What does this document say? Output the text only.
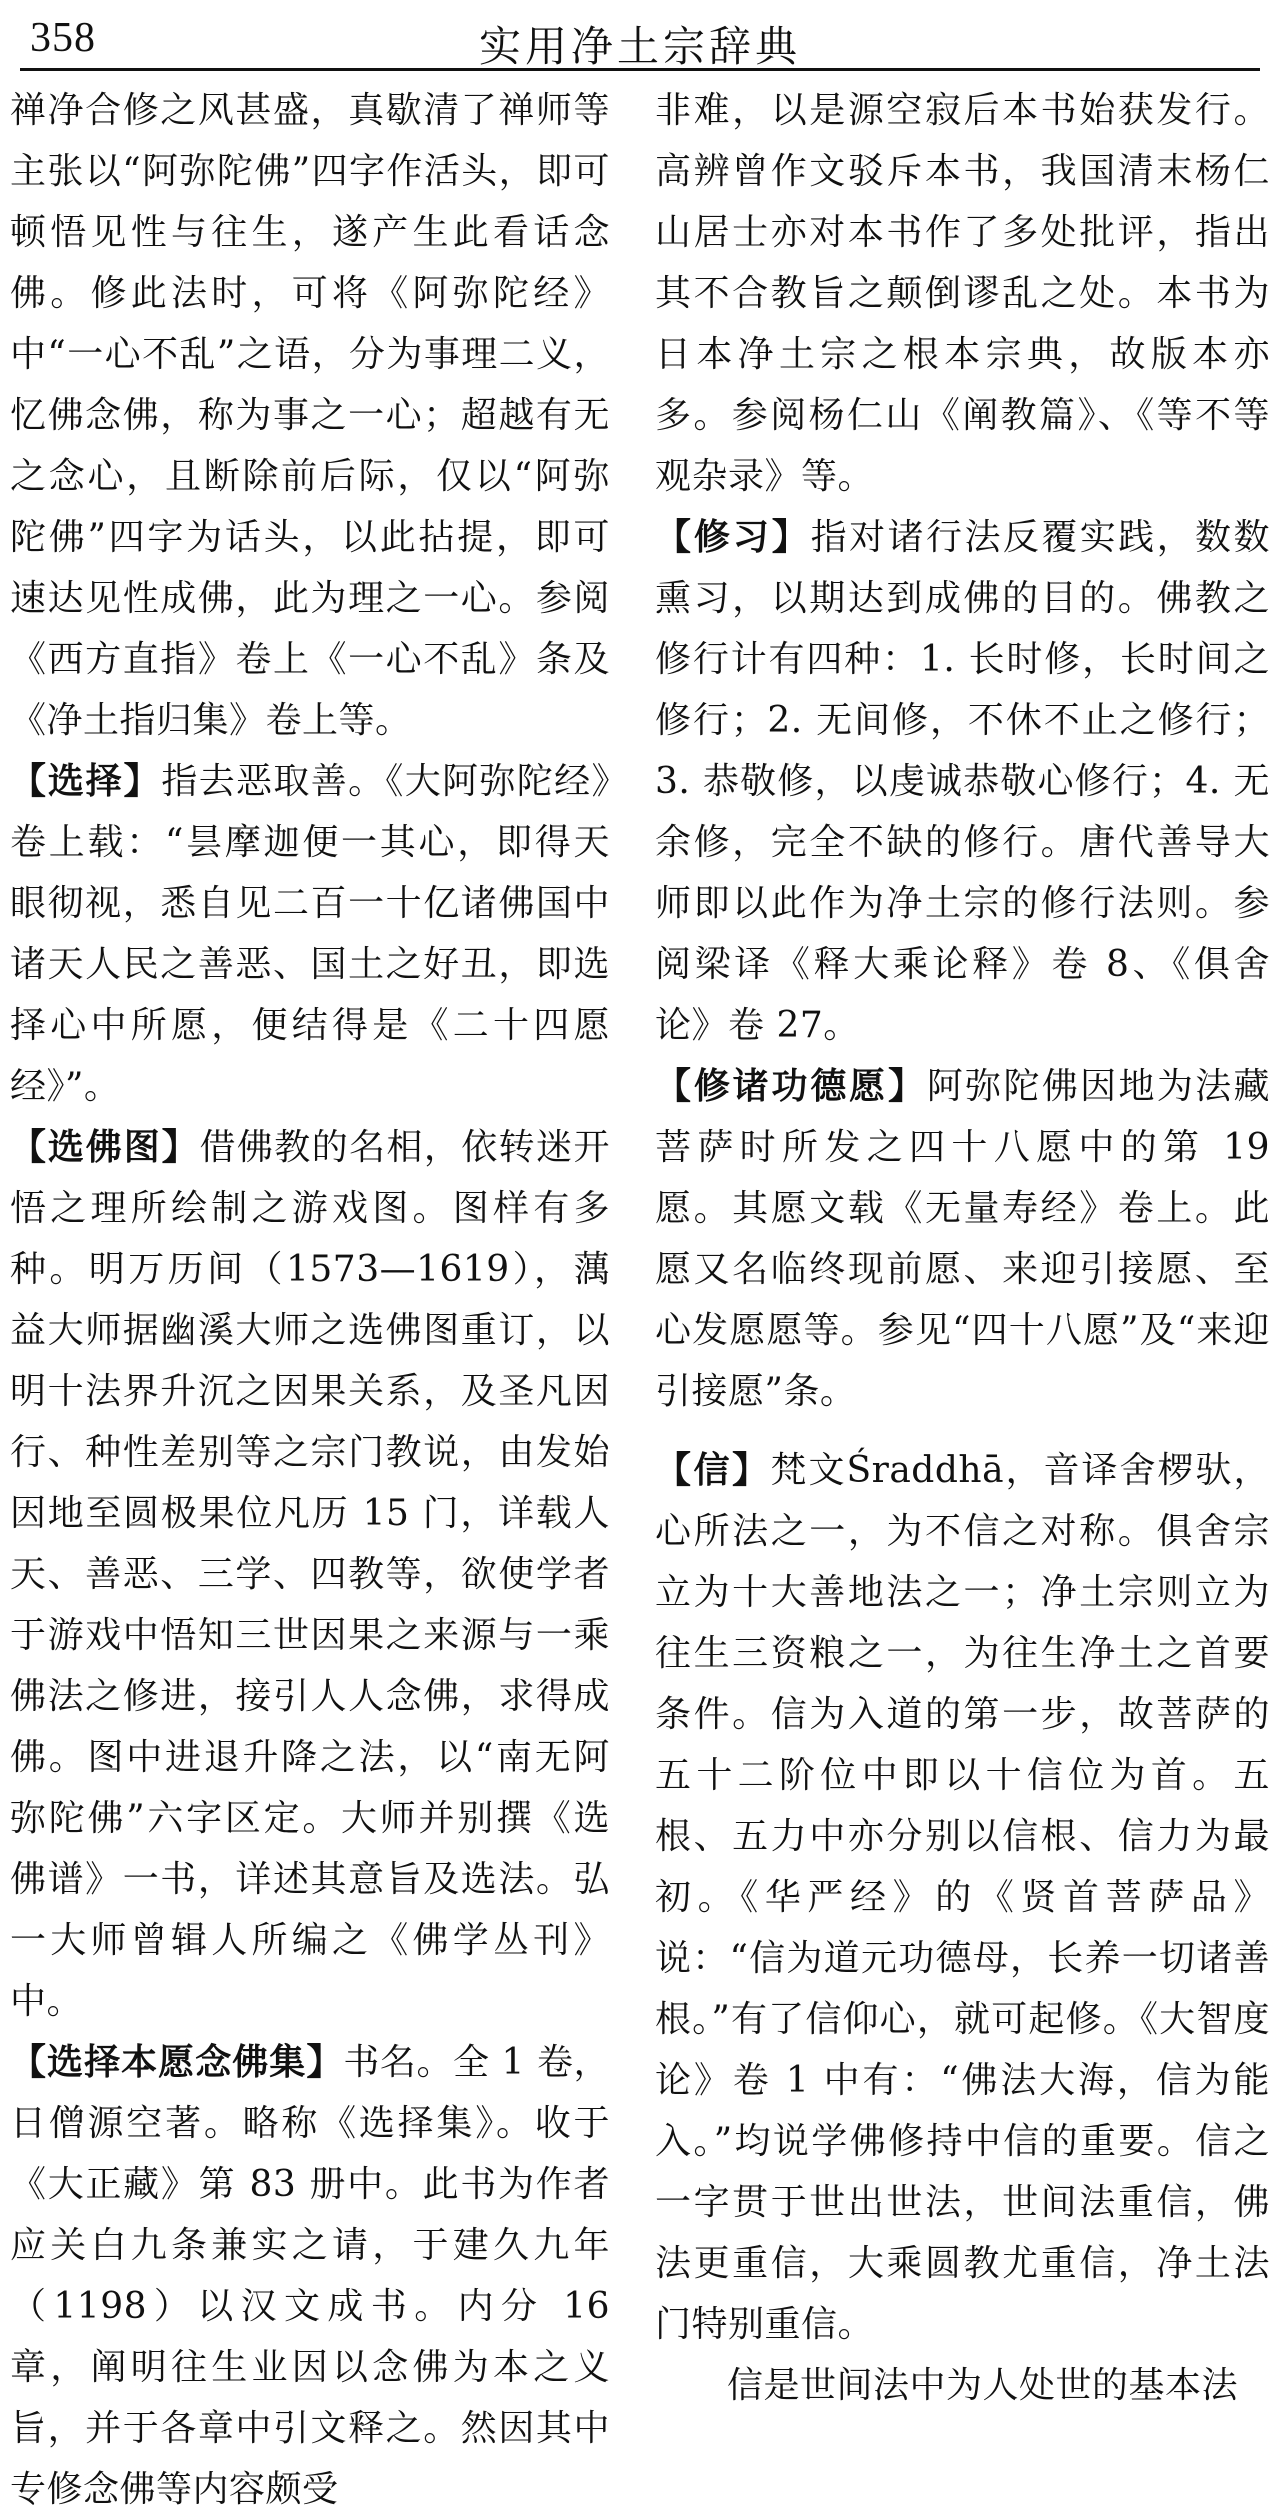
358	实用净土宗辞典

禅净合修之风甚盛，真歇清了禅师等主张以“阿弥陀佛”四字作活头，即可顿悟见性与往生，遂产生此看话念佛。修此法时，可将《阿弥陀经》中“一心不乱”之语，分为事理二义，忆佛念佛，称为事之一心；超越有无之念心，且断除前后际，仅以“阿弥陀佛”四字为话头，以此拈提，即可速达见性成佛，此为理之一心。参阅《西方直指》卷上《一心不乱》条及《净土指归集》卷上等。

【选择】指去恶取善。《大阿弥陀经》卷上载：“昙摩迦便一其心，即得天眼彻视，悉自见二百一十亿诸佛国中诸天人民之善恶、国土之好丑，即选择心中所愿，便结得是《二十四愿经》”。

【选佛图】借佛教的名相，依转迷开悟之理所绘制之游戏图。图样有多种。明万历间（1573—1619），蕅益大师据幽溪大师之选佛图重订，以明十法界升沉之因果关系，及圣凡因行、种性差别等之宗门教说，由发始因地至圆极果位凡历 15 门，详载人天、善恶、三学、四教等，欲使学者于游戏中悟知三世因果之来源与一乘佛法之修进，接引人人念佛，求得成佛。图中进退升降之法，以“南无阿弥陀佛”六字区定。大师并别撰《选佛谱》一书，详述其意旨及选法。弘一大师曾辑人所编之《佛学丛刊》中。

【选择本愿念佛集】书名。全 1 卷，日僧源空著。略称《选择集》。收于《大正藏》第 83 册中。此书为作者应关白九条兼实之请，于建久九年（1198）以汉文成书。内分 16 章，阐明往生业因以念佛为本之义旨，并于各章中引文释之。然因其中专修念佛等内容颇受

非难，以是源空寂后本书始获发行。高辨曾作文驳斥本书，我国清末杨仁山居士亦对本书作了多处批评，指出其不合教旨之颠倒谬乱之处。本书为日本净土宗之根本宗典，故版本亦多。参阅杨仁山《阐教篇》、《等不等观杂录》等。

【修习】指对诸行法反覆实践，数数熏习，以期达到成佛的目的。佛教之修行计有四种：1. 长时修，长时间之修行；2. 无间修，不休不止之修行；3. 恭敬修，以虔诚恭敬心修行；4. 无余修，完全不缺的修行。唐代善导大师即以此作为净土宗的修行法则。参阅梁译《释大乘论释》卷 8、《俱舍论》卷 27。

【修诸功德愿】阿弥陀佛因地为法藏菩萨时所发之四十八愿中的第 19 愿。其愿文载《无量寿经》卷上。此愿又名临终现前愿、来迎引接愿、至心发愿愿等。参见“四十八愿”及“来迎引接愿”条。

【信】梵文Śraddhā，音译舍椤驮，心所法之一，为不信之对称。俱舍宗立为十大善地法之一；净土宗则立为往生三资粮之一，为往生净土之首要条件。信为入道的第一步，故菩萨的五十二阶位中即以十信位为首。五根、五力中亦分别以信根、信力为最初。《华严经》的《贤首菩萨品》说：“信为道元功德母，长养一切诸善根。”有了信仰心，就可起修。《大智度论》卷 1 中有：“佛法大海，信为能入。”均说学佛修持中信的重要。信之一字贯于世出世法，世间法重信，佛法更重信，大乘圆教尤重信，净土法门特别重信。

信是世间法中为人处世的基本法
